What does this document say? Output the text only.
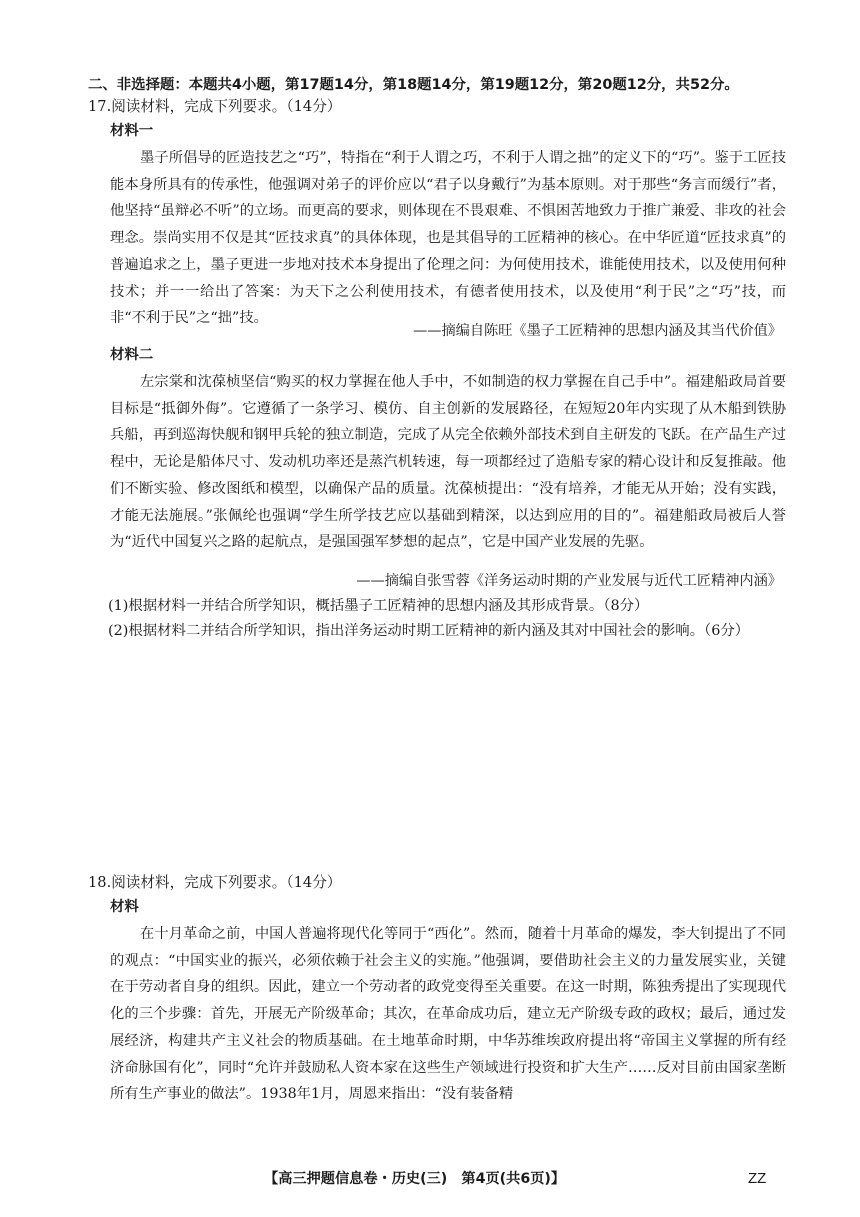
二、非选择题：本题共4小题，第17题14分，第18题14分，第19题12分，第20题12分，共52分。
17.阅读材料，完成下列要求。（14分）
材料一
墨子所倡导的匠造技艺之“巧”，特指在“利于人谓之巧，不利于人谓之拙”的定义下的“巧”。鉴于工匠技能本身所具有的传承性，他强调对弟子的评价应以“君子以身戴行”为基本原则。对于那些“务言而缓行”者，他坚持“虽辩必不听”的立场。而更高的要求，则体现在不畏艰难、不惧困苦地致力于推广兼爱、非攻的社会理念。崇尚实用不仅是其“匠技求真”的具体体现，也是其倡导的工匠精神的核心。在中华匠道“匠技求真”的普遍追求之上，墨子更进一步地对技术本身提出了伦理之问：为何使用技术，谁能使用技术，以及使用何种技术；并一一给出了答案：为天下之公利使用技术，有德者使用技术，以及使用“利于民”之“巧”技，而非“不利于民”之“拙”技。
——摘编自陈旺《墨子工匠精神的思想内涵及其当代价值》
材料二
左宗棠和沈葆桢坚信“购买的权力掌握在他人手中，不如制造的权力掌握在自己手中”。福建船政局首要目标是“抵御外侮”。它遵循了一条学习、模仿、自主创新的发展路径，在短短20年内实现了从木船到铁胁兵船，再到巡海快舰和钢甲兵轮的独立制造，完成了从完全依赖外部技术到自主研发的飞跃。在产品生产过程中，无论是船体尺寸、发动机功率还是蒸汽机转速，每一项都经过了造船专家的精心设计和反复推敲。他们不断实验、修改图纸和模型，以确保产品的质量。沈葆桢提出：“没有培养，才能无从开始；没有实践，才能无法施展。”张佩纶也强调“学生所学技艺应以基础到精深，以达到应用的目的”。福建船政局被后人誉为“近代中国复兴之路的起航点，是强国强军梦想的起点”，它是中国产业发展的先驱。
——摘编自张雪蓉《洋务运动时期的产业发展与近代工匠精神内涵》
(1)根据材料一并结合所学知识，概括墨子工匠精神的思想内涵及其形成背景。（8分）
(2)根据材料二并结合所学知识，指出洋务运动时期工匠精神的新内涵及其对中国社会的影响。（6分）
18.阅读材料，完成下列要求。（14分）
材料
在十月革命之前，中国人普遍将现代化等同于“西化”。然而，随着十月革命的爆发，李大钊提出了不同的观点：“中国实业的振兴，必须依赖于社会主义的实施。”他强调，要借助社会主义的力量发展实业，关键在于劳动者自身的组织。因此，建立一个劳动者的政党变得至关重要。在这一时期，陈独秀提出了实现现代化的三个步骤：首先，开展无产阶级革命；其次，在革命成功后，建立无产阶级专政的政权；最后，通过发展经济，构建共产主义社会的物质基础。在土地革命时期，中华苏维埃政府提出将“帝国主义掌握的所有经济命脉国有化”，同时“允许并鼓励私人资本家在这些生产领域进行投资和扩大生产……反对目前由国家垄断所有生产事业的做法”。1938年1月，周恩来指出：“没有装备精
【高三押题信息卷・历史(三)　第4页(共6页)】	ZZ
